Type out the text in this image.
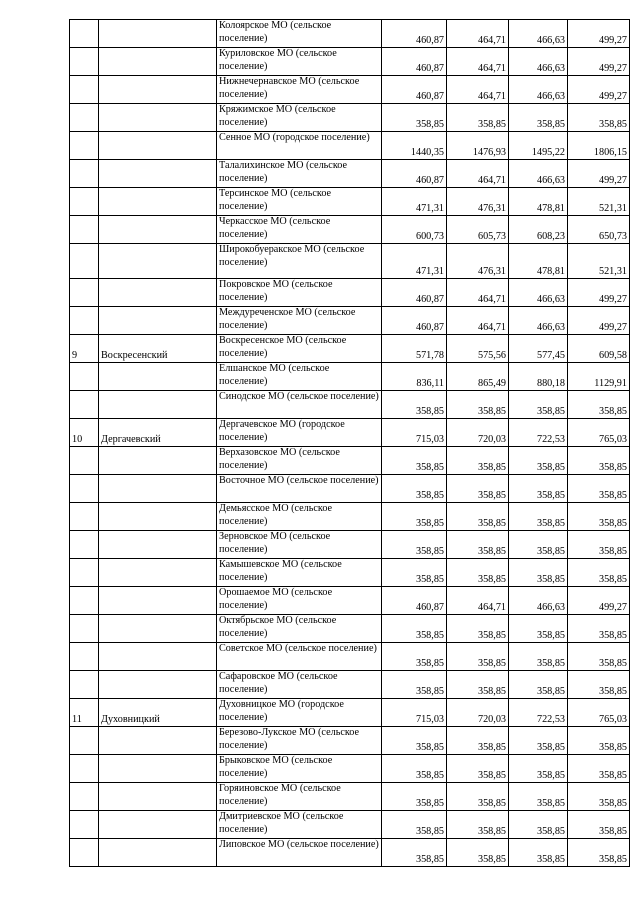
		Колоярское МО (сельское поселение)	460,87	464,71	466,63	499,27

		Куриловское МО (сельское поселение)	460,87	464,71	466,63	499,27

		Нижнечернавское МО (сельское поселение)	460,87	464,71	466,63	499,27

		Кряжимское МО (сельское поселение)	358,85	358,85	358,85	358,85

		Сенное МО (городское поселение)	1440,35	1476,93	1495,22	1806,15

		Талалихинское МО (сельское поселение)	460,87	464,71	466,63	499,27

		Терсинское МО (сельское поселение)	471,31	476,31	478,81	521,31

		Черкасское МО (сельское поселение)	600,73	605,73	608,23	650,73

		Широкобуеракское МО (сельское поселение)	471,31	476,31	478,81	521,31

		Покровское МО (сельское поселение)	460,87	464,71	466,63	499,27

		Междуреченское МО (сельское поселение)	460,87	464,71	466,63	499,27

9	Воскресенский	Воскресенское МО (сельское поселение)	571,78	575,56	577,45	609,58

		Елшанское МО (сельское поселение)	836,11	865,49	880,18	1129,91

		Синодское МО (сельское поселение)	358,85	358,85	358,85	358,85

10	Дергачевский	Дергачевское МО (городское поселение)	715,03	720,03	722,53	765,03

		Верхазовское МО (сельское поселение)	358,85	358,85	358,85	358,85

		Восточное МО (сельское поселение)	358,85	358,85	358,85	358,85

		Демьясское МО (сельское поселение)	358,85	358,85	358,85	358,85

		Зерновское МО (сельское поселение)	358,85	358,85	358,85	358,85

		Камышевское МО (сельское поселение)	358,85	358,85	358,85	358,85

		Орошаемое МО (сельское поселение)	460,87	464,71	466,63	499,27

		Октябрьское МО (сельское поселение)	358,85	358,85	358,85	358,85

		Советское МО (сельское поселение)	358,85	358,85	358,85	358,85

		Сафаровское МО (сельское поселение)	358,85	358,85	358,85	358,85

11	Духовницкий	Духовницкое МО (городское поселение)	715,03	720,03	722,53	765,03

		Березово-Лукское МО (сельское поселение)	358,85	358,85	358,85	358,85

		Брыковское МО (сельское поселение)	358,85	358,85	358,85	358,85

		Горяиновское МО (сельское поселение)	358,85	358,85	358,85	358,85

		Дмитриевское МО (сельское поселение)	358,85	358,85	358,85	358,85

		Липовское МО (сельское поселение)	358,85	358,85	358,85	358,85
